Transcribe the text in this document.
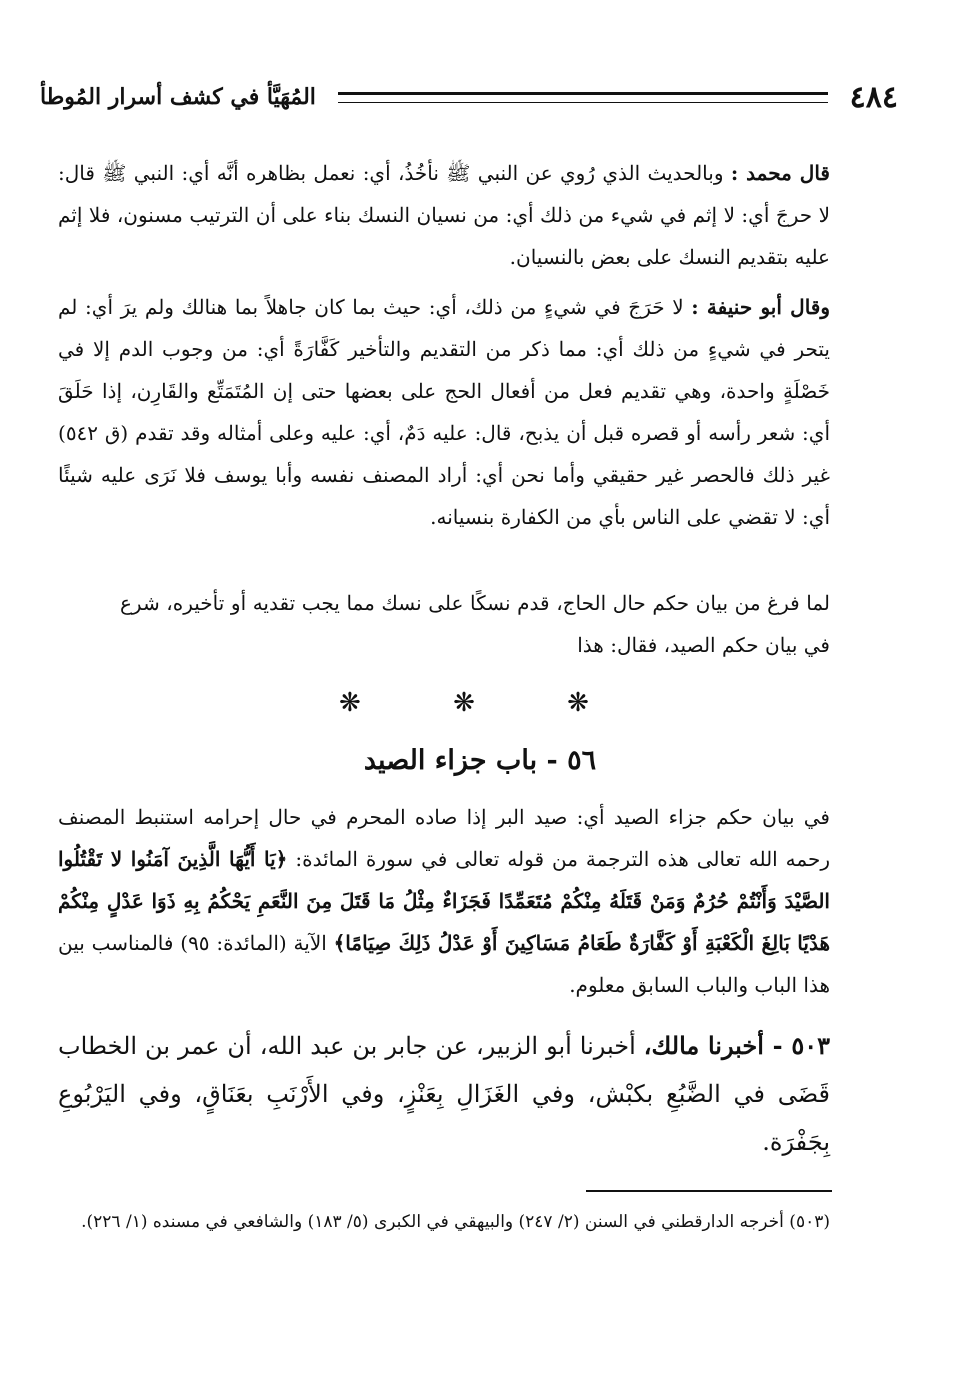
٤٨٤
المُهَيَّأ في كشف أسرار المُوطأ

قال محمد : وبالحديث الذي رُوي عن النبي ﷺ نأخُذُ، أي: نعمل بظاهره أنَّه أي: النبي ﷺ قال: لا حرجَ أي: لا إثم في شيء من ذلك أي: من نسيان النسك بناء على أن الترتيب مسنون، فلا إثم عليه بتقديم النسك على بعض بالنسيان.

وقال أبو حنيفة : لا حَرَجَ في شيءٍ من ذلك، أي: حيث بما كان جاهلاً بما هنالك ولم يرَ أي: لم يتحر في شيءٍ من ذلك أي: مما ذكر من التقديم والتأخير كَفَّارَةً أي: من وجوب الدم إلا في خَصْلَةٍ واحدة، وهي تقديم فعل من أفعال الحج على بعضها حتى إن المُتَمَتِّع والقَارِن، إذا حَلَقَ أي: شعر رأسه أو قصره قبل أن يذبح، قال: عليه دَمٌ، أي: عليه وعلى أمثاله وقد تقدم (ق ٥٤٢) غير ذلك فالحصر غير حقيقي وأما نحن أي: أراد المصنف نفسه وأبا يوسف فلا نَرَى عليه شيئًا أي: لا تقضي على الناس بأي من الكفارة بنسيانه.

لما فرغ من بيان حكم حال الحاج، قدم نسكًا على نسك مما يجب تقديه أو تأخيره، شرع في بيان حكم الصيد، فقال: هذا

❋ ❋ ❋
٥٦ - باب جزاء الصيد

في بيان حكم جزاء الصيد أي: صيد البر إذا صاده المحرم في حال إحرامه استنبط المصنف رحمه الله تعالى هذه الترجمة من قوله تعالى في سورة المائدة: ﴿يَا أَيُّهَا الَّذِينَ آمَنُوا لا تَقْتُلُوا الصَّيْدَ وَأَنْتُمْ حُرُمٌ وَمَنْ قَتَلَهُ مِنْكُمْ مُتَعَمِّدًا فَجَزَاءٌ مِثْلُ مَا قَتَلَ مِنَ النَّعَمِ يَحْكُمُ بِهِ ذَوَا عَدْلٍ مِنْكُمْ هَدْيًا بَالِغَ الْكَعْبَةِ أَوْ كَفَّارَةٌ طَعَامُ مَسَاكِينَ أَوْ عَدْلُ ذَلِكَ صِيَامًا﴾ الآية (المائدة: ٩٥) فالمناسب بين هذا الباب والباب السابق معلوم.

٥٠٣ - أخبرنا مالك، أخبرنا أبو الزبير، عن جابر بن عبد الله، أن عمر بن الخطاب قَضَى في الضَّبُعِ بكبْش، وفي الغَزَالِ بِعَنْزٍ، وفي الأَرْنَبِ بعَنَاقٍ، وفي اليَرْبُوعِ بِجَفْرَة.

(٥٠٣) أخرجه الدارقطني في السنن (٢/ ٢٤٧) والبيهقي في الكبرى (٥/ ١٨٣) والشافعي في مسنده (١/ ٢٢٦).
